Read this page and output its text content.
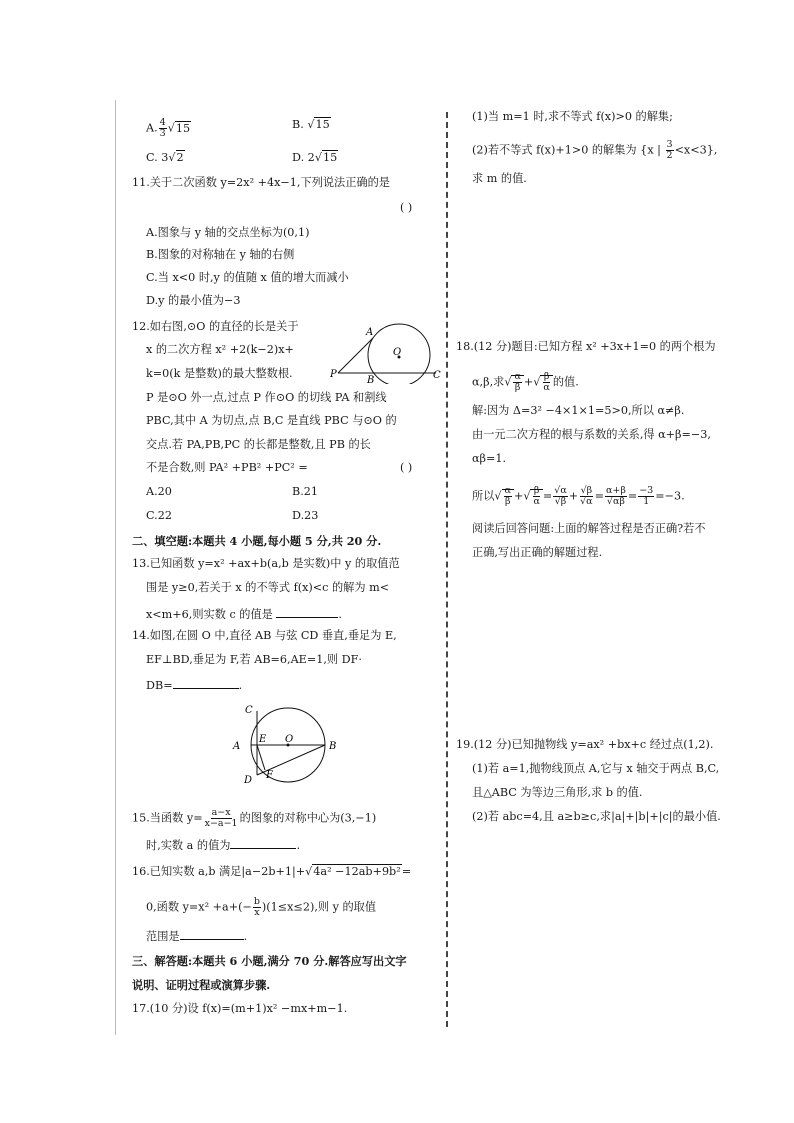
A. $\frac{4}{3} √15$	B. √15
C. 3√2	D. 2√15
11.关于二次函数 y=2x² +4x−1,下列说法正确的是
( )
A.图象与 y 轴的交点坐标为(0,1)
B.图象的对称轴在 y 轴的右侧
C.当 x<0 时,y 的值随 x 值的增大而减小
D.y 的最小值为−3
12.如右图,⊙O 的直径的长是关于
x 的二次方程 x² +2(k−2)x+
k=0(k 是整数)的最大整数根.
A
P
B	C
O
P 是⊙O 外一点,过点 P 作⊙O 的切线 PA 和割线
PBC,其中 A 为切点,点 B,C 是直线 PBC 与⊙O 的
交点.若 PA,PB,PC 的长都是整数,且 PB 的长
不是合数,则 PA² +PB² +PC² =	( )
A.20	B.21
C.22	D.23
二、填空题:本题共 4 小题,每小题 5 分,共 20 分.
13.已知函数 y=x² +ax+b(a,b 是实数)中 y 的取值范
围是 y≥0,若关于 x 的不等式 f(x)<c 的解为 m<
x<m+6,则实数 c 的值是	.
14.如图,在圆 O 中,直径 AB 与弦 CD 垂直,垂足为 E,
EF⊥BD,垂足为 F,若 AB=6,AE=1,则 DF·
DB=	.
C
A
E O
B
D F
15.当函数 $y= \frac{a-x}{x-a-1}$ 的图象的对称中心为(3,−1)
时,实数 a 的值为	.
16.已知实数 a,b 满足|a−2b+1|+√4a² −12ab+9b²=
0,函数 $y=x^2 +a+(- \frac{b}{x} )(1\le x\le 2)$,则 y 的取值
范围是	.
三、解答题:本题共 6 小题,满分 70 分.解答应写出文字
说明、证明过程或演算步骤.
17.(10 分)设 f(x)=(m+1)x² −mx+m−1.
(1)当 m=1 时,求不等式 f(x)>0 的解集;
(2)若不等式 f(x)+1>0 的解集为 {x | $\frac{3}{2} <x<3$},
求 m 的值.
18.(12 分)题目:已知方程 x² +3x+1=0 的两个根为
α,β,求√ $\frac{\alpha}{\beta}$ +√ $\frac{\beta}{\alpha}$ 的值.
解:因为 Δ=3² −4×1×1=5>0,所以 α≠β.
由一元二次方程的根与系数的关系,得 α+β=−3,
αβ=1.
所以√ $\frac{\alpha}{\beta}$ +√ $\frac{\beta}{\alpha} = \frac{√\alpha}{√\beta} + \frac{√\beta}{√\alpha} = \frac{\alpha+\beta}{√\alpha\beta} = \frac{-3}{1} =-3$.
阅读后回答问题:上面的解答过程是否正确?若不
正确,写出正确的解题过程.
19.(12 分)已知抛物线 y=ax² +bx+c 经过点(1,2).
(1)若 a=1,抛物线顶点 A,它与 x 轴交于两点 B,C,
且△ABC 为等边三角形,求 b 的值.
(2)若 abc=4,且 a≥b≥c,求|a|+|b|+|c|的最小值.
